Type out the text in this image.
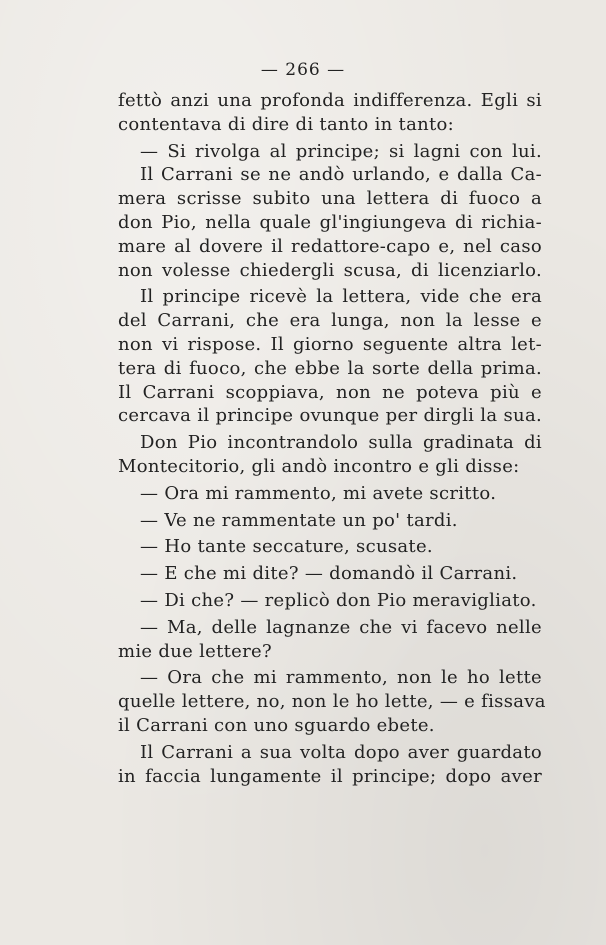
— 266 —
fettò anzi una profonda indifferenza. Egli si
contentava di dire di tanto in tanto:
— Si rivolga al principe; si lagni con lui.
Il Carrani se ne andò urlando, e dalla Ca-
mera scrisse subito una lettera di fuoco a
don Pio, nella quale gl'ingiungeva di richia-
mare al dovere il redattore-capo e, nel caso
non volesse chiedergli scusa, di licenziarlo.
Il principe ricevè la lettera, vide che era
del Carrani, che era lunga, non la lesse e
non vi rispose. Il giorno seguente altra let-
tera di fuoco, che ebbe la sorte della prima.
Il Carrani scoppiava, non ne poteva più e
cercava il principe ovunque per dirgli la sua.
Don Pio incontrandolo sulla gradinata di
Montecitorio, gli andò incontro e gli disse:
— Ora mi rammento, mi avete scritto.
— Ve ne rammentate un po' tardi.
— Ho tante seccature, scusate.
— E che mi dite? — domandò il Carrani.
— Di che? — replicò don Pio meravigliato.
— Ma, delle lagnanze che vi facevo nelle
mie due lettere?
— Ora che mi rammento, non le ho lette
quelle lettere, no, non le ho lette, — e fissava
il Carrani con uno sguardo ebete.
Il Carrani a sua volta dopo aver guardato
in faccia lungamente il principe; dopo aver
